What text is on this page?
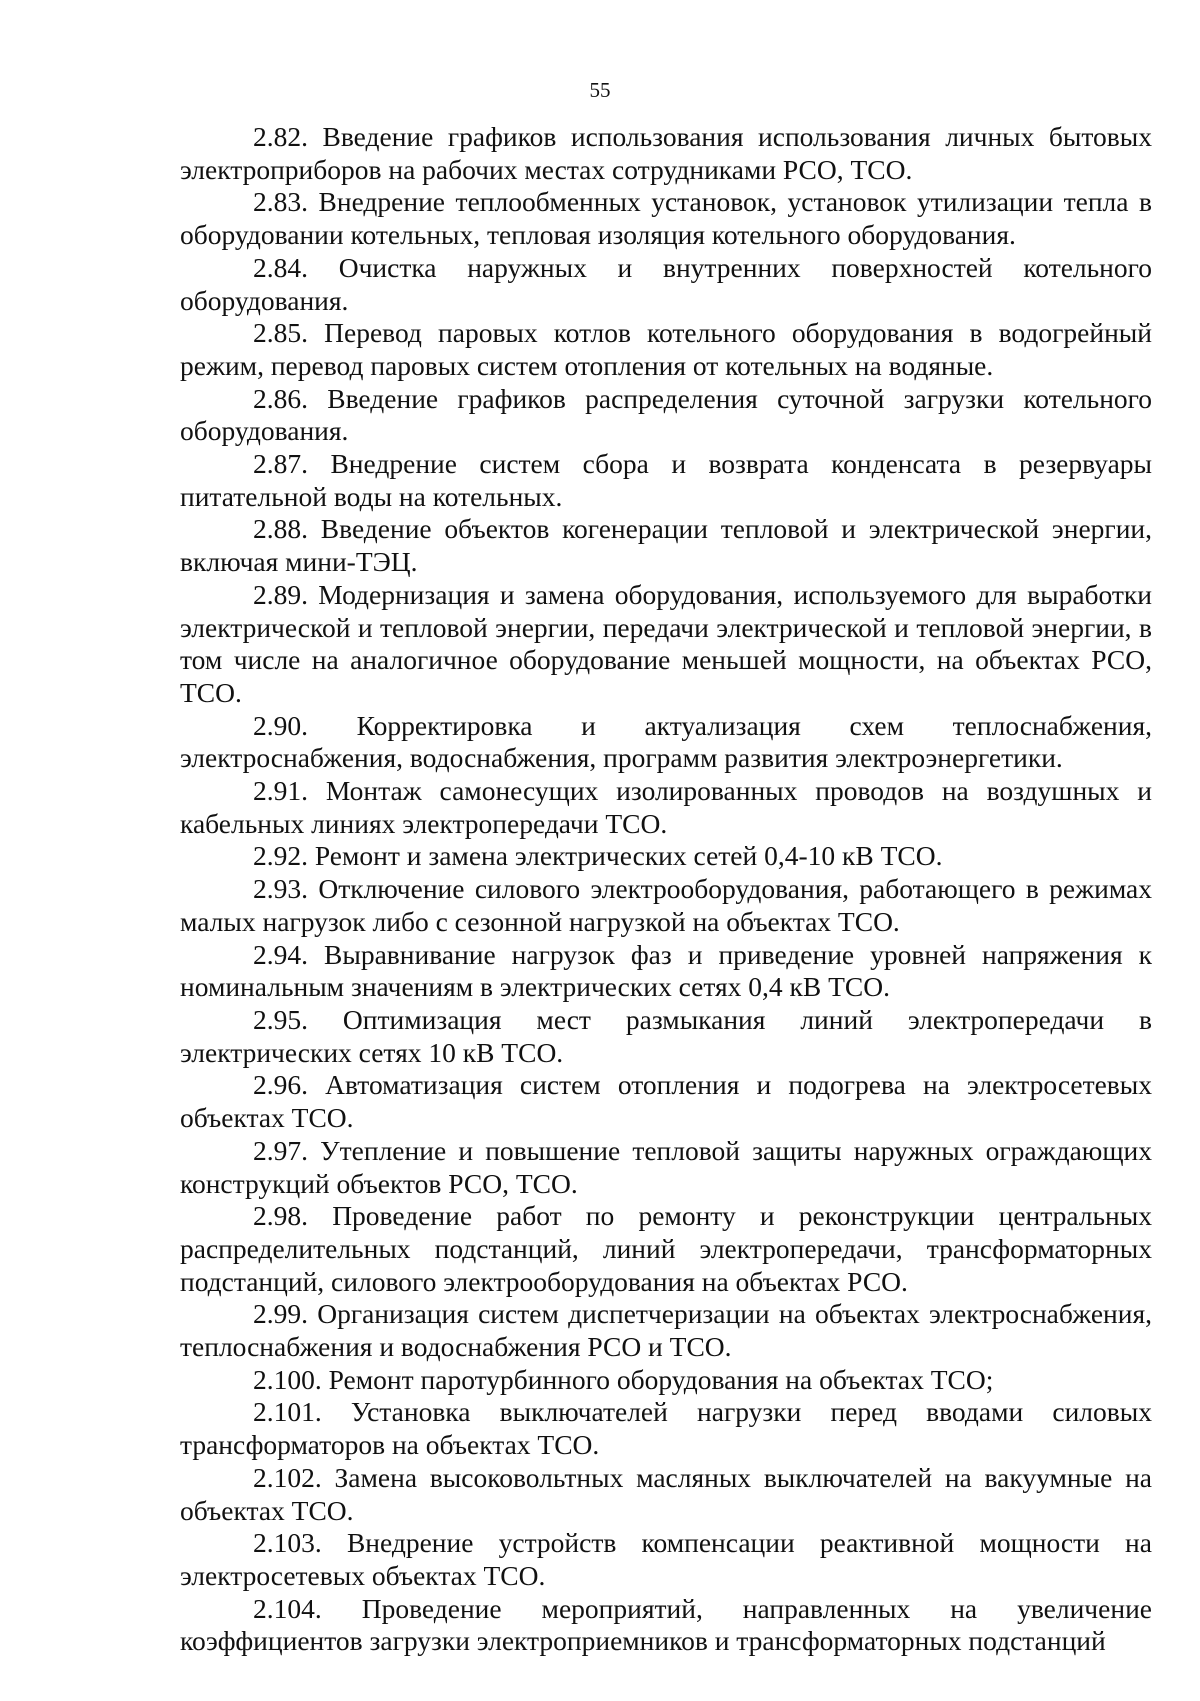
55

2.82. Введение графиков использования использования личных бытовых электроприборов на рабочих местах сотрудниками РСО, ТСО.

2.83. Внедрение теплообменных установок, установок утилизации тепла в оборудовании котельных, тепловая изоляция котельного оборудования.

2.84. Очистка наружных и внутренних поверхностей котельного оборудования.

2.85. Перевод паровых котлов котельного оборудования в водогрейный режим, перевод паровых систем отопления от котельных на водяные.

2.86. Введение графиков распределения суточной загрузки котельного оборудования.

2.87. Внедрение систем сбора и возврата конденсата в резервуары питательной воды на котельных.

2.88. Введение объектов когенерации тепловой и электрической энергии, включая мини-ТЭЦ.

2.89. Модернизация и замена оборудования, используемого для выработки электрической и тепловой энергии, передачи электрической и тепловой энергии, в том числе на аналогичное оборудование меньшей мощности, на объектах РСО, ТСО.

2.90. Корректировка и актуализация схем теплоснабжения, электроснабжения, водоснабжения, программ развития электроэнергетики.

2.91. Монтаж самонесущих изолированных проводов на воздушных и кабельных линиях электропередачи ТСО.

2.92. Ремонт и замена электрических сетей 0,4-10 кВ ТСО.

2.93. Отключение силового электрооборудования, работающего в режимах малых нагрузок либо с сезонной нагрузкой на объектах ТСО.

2.94. Выравнивание нагрузок фаз и приведение уровней напряжения к номинальным значениям в электрических сетях 0,4 кВ ТСО.

2.95. Оптимизация мест размыкания линий электропередачи в электрических сетях 10 кВ ТСО.

2.96. Автоматизация систем отопления и подогрева на электросетевых объектах ТСО.

2.97. Утепление и повышение тепловой защиты наружных ограждающих конструкций объектов РСО, ТСО.

2.98. Проведение работ по ремонту и реконструкции центральных распределительных подстанций, линий электропередачи, трансформаторных подстанций, силового электрооборудования на объектах РСО.

2.99. Организация систем диспетчеризации на объектах электроснабжения, теплоснабжения и водоснабжения РСО и ТСО.

2.100. Ремонт паротурбинного оборудования на объектах ТСО;

2.101. Установка выключателей нагрузки перед вводами силовых трансформаторов на объектах ТСО.

2.102. Замена высоковольтных масляных выключателей на вакуумные на объектах ТСО.

2.103. Внедрение устройств компенсации реактивной мощности на электросетевых объектах ТСО.

2.104. Проведение мероприятий, направленных на увеличение коэффициентов загрузки электроприемников и трансформаторных подстанций
